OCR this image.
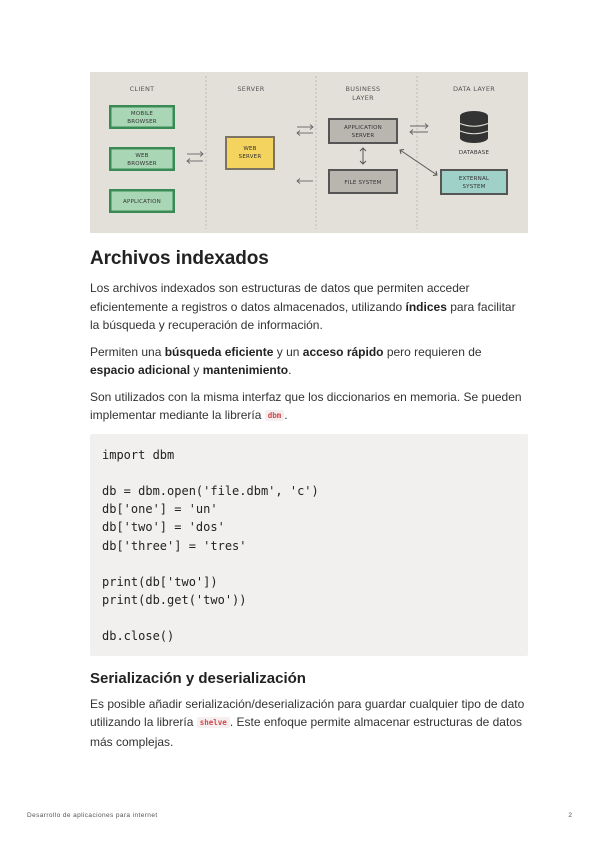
CLIENT	SERVER	BUSINESS
LAYER
DATA LAYER
MOBILE
BROWSER
WEB
BROWSER
APPLICATION
WEB
SERVER
APPLICATION
SERVER
FILE SYSTEM
DATABASE
EXTERNAL
SYSTEM
Archivos indexados

Los archivos indexados son estructuras de datos que permiten acceder eficientemente a registros o datos almacenados, utilizando índices para facilitar la búsqueda y recuperación de información.

Permiten una búsqueda eficiente y un acceso rápido pero requieren de espacio adicional y mantenimiento.

Son utilizados con la misma interfaz que los diccionarios en memoria. Se pueden implementar mediante la librería dbm .

import dbm
db = dbm.open('file.dbm', 'c')
db['one'] = 'un'
db['two'] = 'dos'
db['three'] = 'tres'
print(db['two'])
print(db.get('two'))
db.close()
Serialización y deserialización

Es posible añadir serialización/deserialización para guardar cualquier tipo de dato utilizando la librería shelve . Este enfoque permite almacenar estructuras de datos más complejas.

Desarrollo de aplicaciones para internet	2
